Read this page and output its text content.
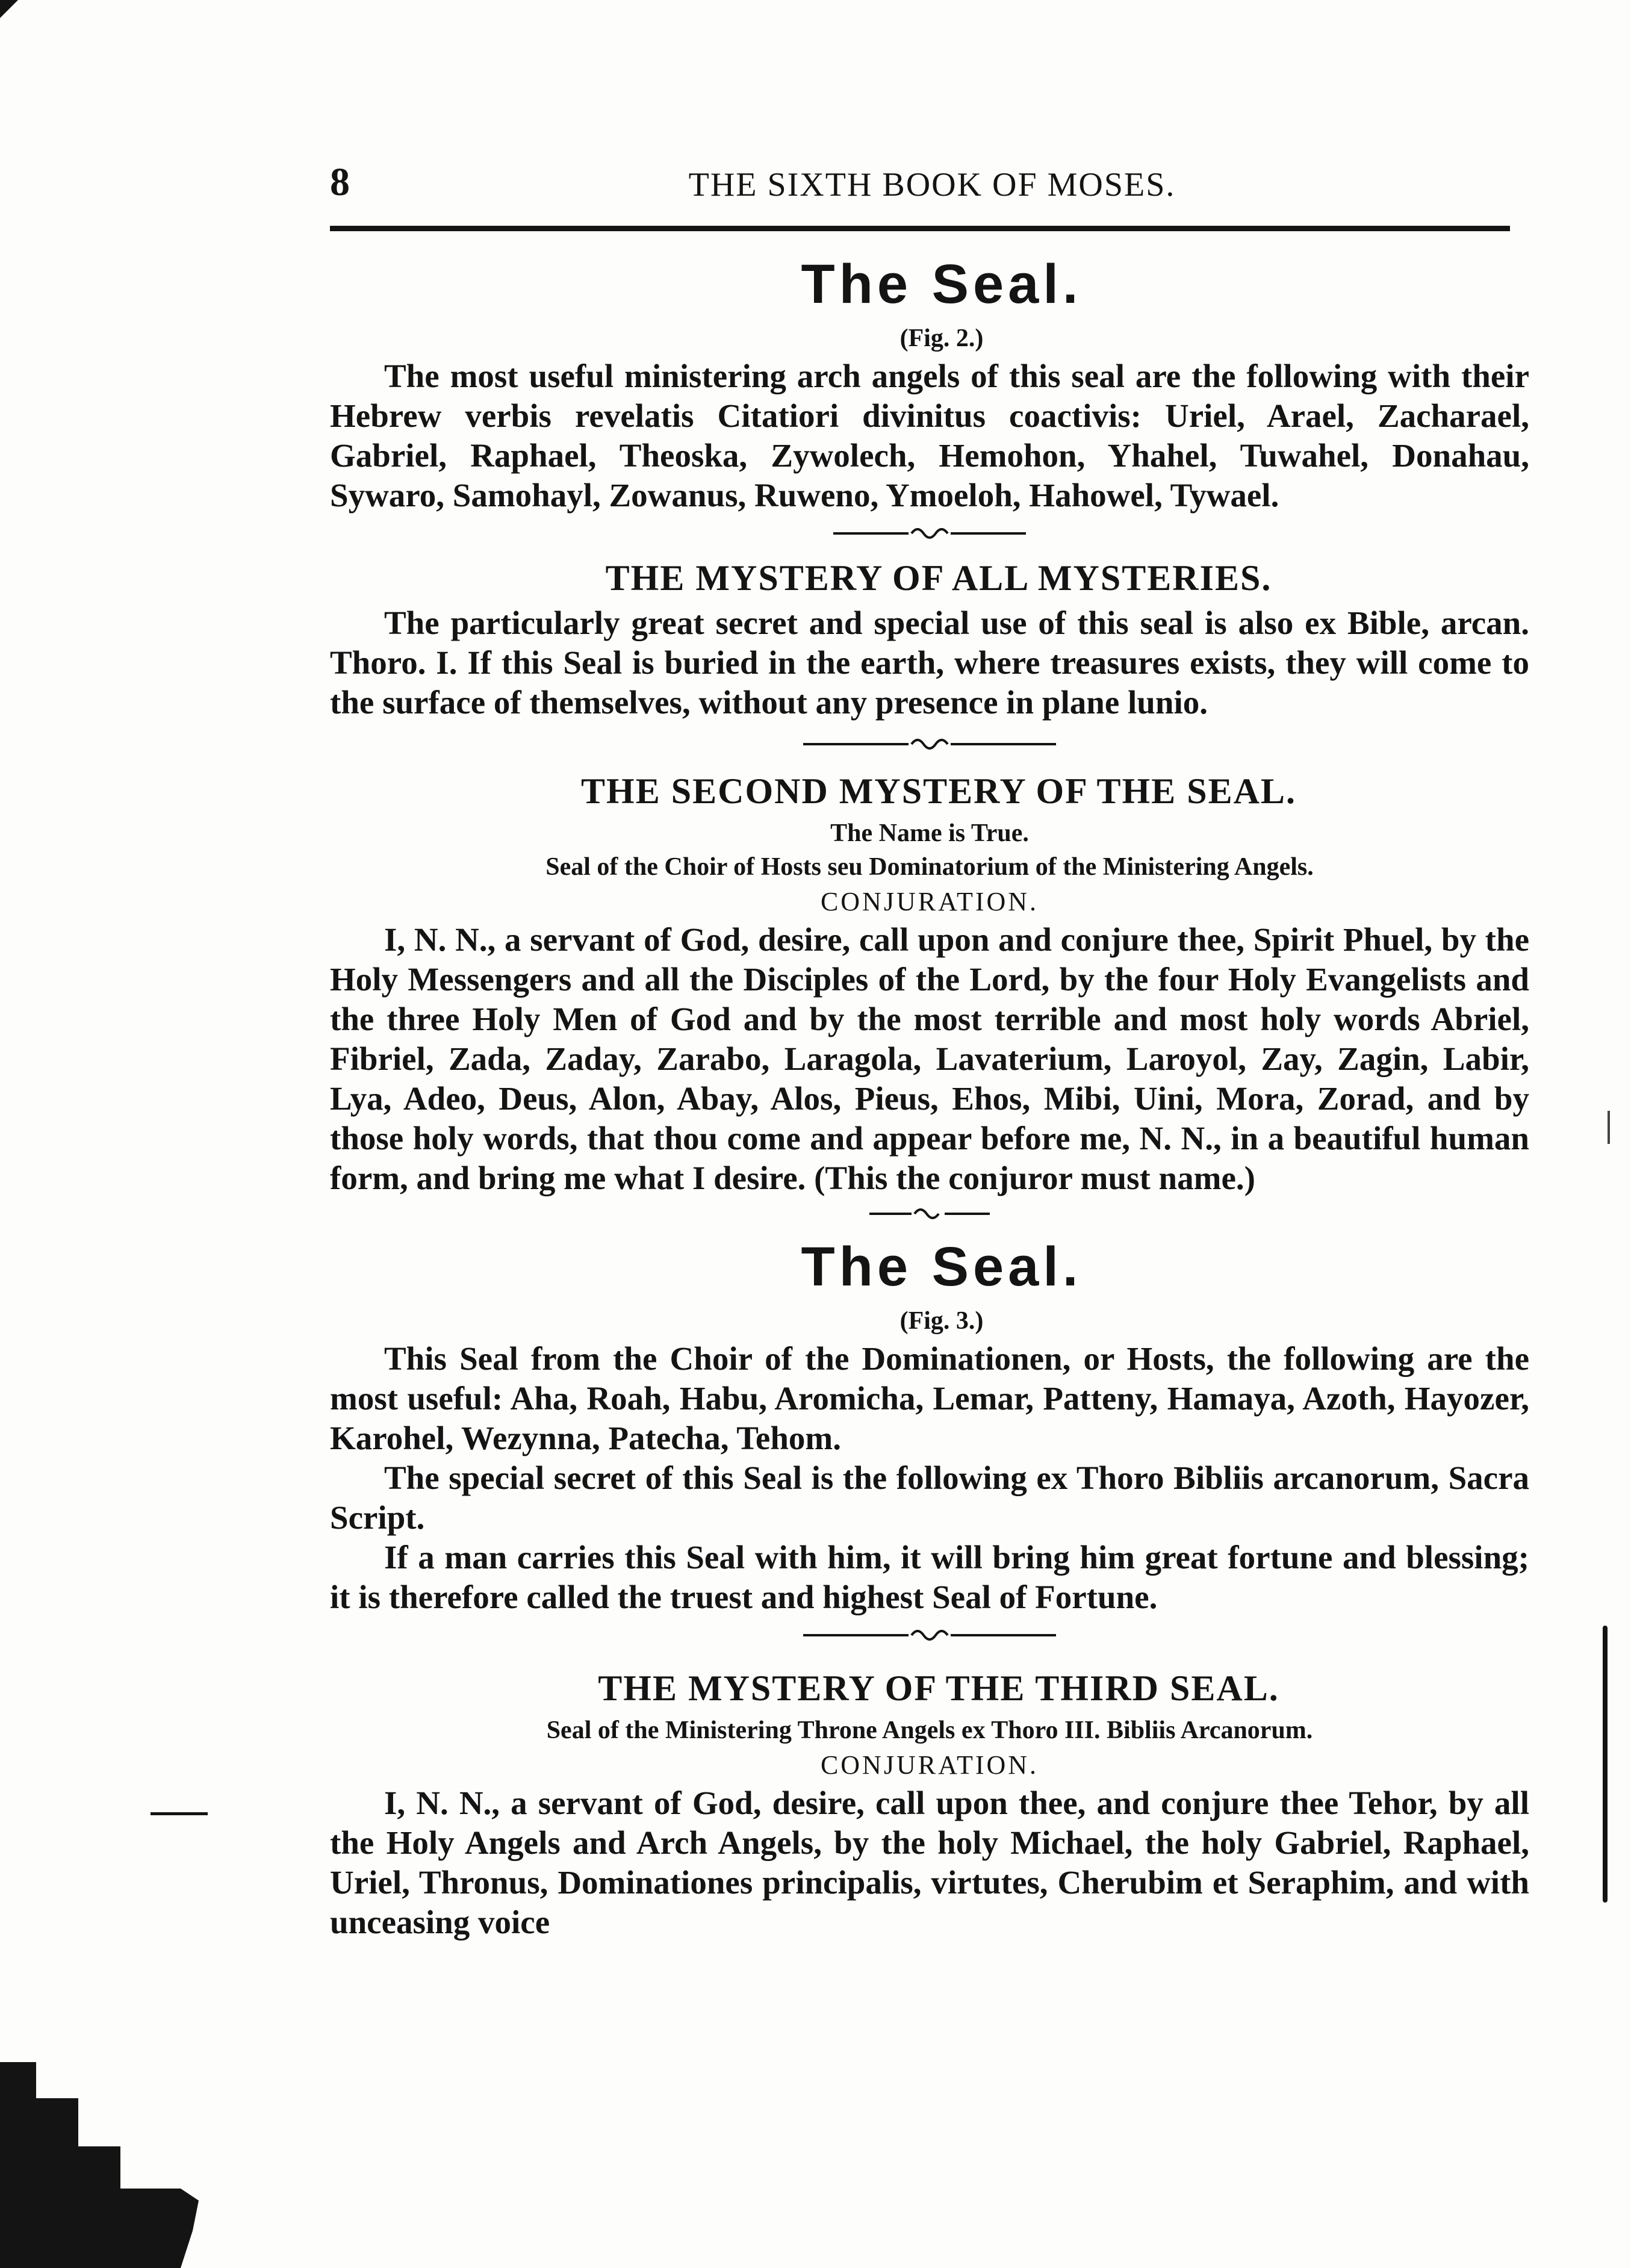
8	THE SIXTH BOOK OF MOSES.
The Seal.
(Fig. 2.)

The most useful ministering arch angels of this seal are the following with their Hebrew verbis revelatis Citatiori divinitus coactivis: Uriel, Arael, Zacharael, Gabriel, Raphael, Theoska, Zywolech, Hemohon, Yhahel, Tuwahel, Donahau, Sywaro, Samohayl, Zowanus, Ruweno, Ymoeloh, Hahowel, Tywael.

THE MYSTERY OF ALL MYSTERIES.

The particularly great secret and special use of this seal is also ex Bible, arcan. Thoro. I. If this Seal is buried in the earth, where treasures exists, they will come to the surface of themselves, without any presence in plane lunio.

THE SECOND MYSTERY OF THE SEAL.
The Name is True.
Seal of the Choir of Hosts seu Dominatorium of the Ministering Angels.
CONJURATION.

I, N. N., a servant of God, desire, call upon and conjure thee, Spirit Phuel, by the Holy Messengers and all the Disciples of the Lord, by the four Holy Evangelists and the three Holy Men of God and by the most terrible and most holy words Abriel, Fibriel, Zada, Zaday, Zarabo, Laragola, Lavaterium, Laroyol, Zay, Zagin, Labir, Lya, Adeo, Deus, Alon, Abay, Alos, Pieus, Ehos, Mibi, Uini, Mora, Zorad, and by those holy words, that thou come and appear before me, N. N., in a beautiful human form, and bring me what I desire. (This the conjuror must name.)

The Seal.
(Fig. 3.)

This Seal from the Choir of the Dominationen, or Hosts, the following are the most useful: Aha, Roah, Habu, Aromicha, Lemar, Patteny, Hamaya, Azoth, Hayozer, Karohel, Wezynna, Patecha, Tehom.

The special secret of this Seal is the following ex Thoro Bibliis arcanorum, Sacra Script.

If a man carries this Seal with him, it will bring him great fortune and blessing; it is therefore called the truest and highest Seal of Fortune.

THE MYSTERY OF THE THIRD SEAL.
Seal of the Ministering Throne Angels ex Thoro III. Bibliis Arcanorum.
CONJURATION.

I, N. N., a servant of God, desire, call upon thee, and conjure thee Tehor, by all the Holy Angels and Arch Angels, by the holy Michael, the holy Gabriel, Raphael, Uriel, Thronus, Dominationes principalis, virtutes, Cherubim et Seraphim, and with unceasing voice
